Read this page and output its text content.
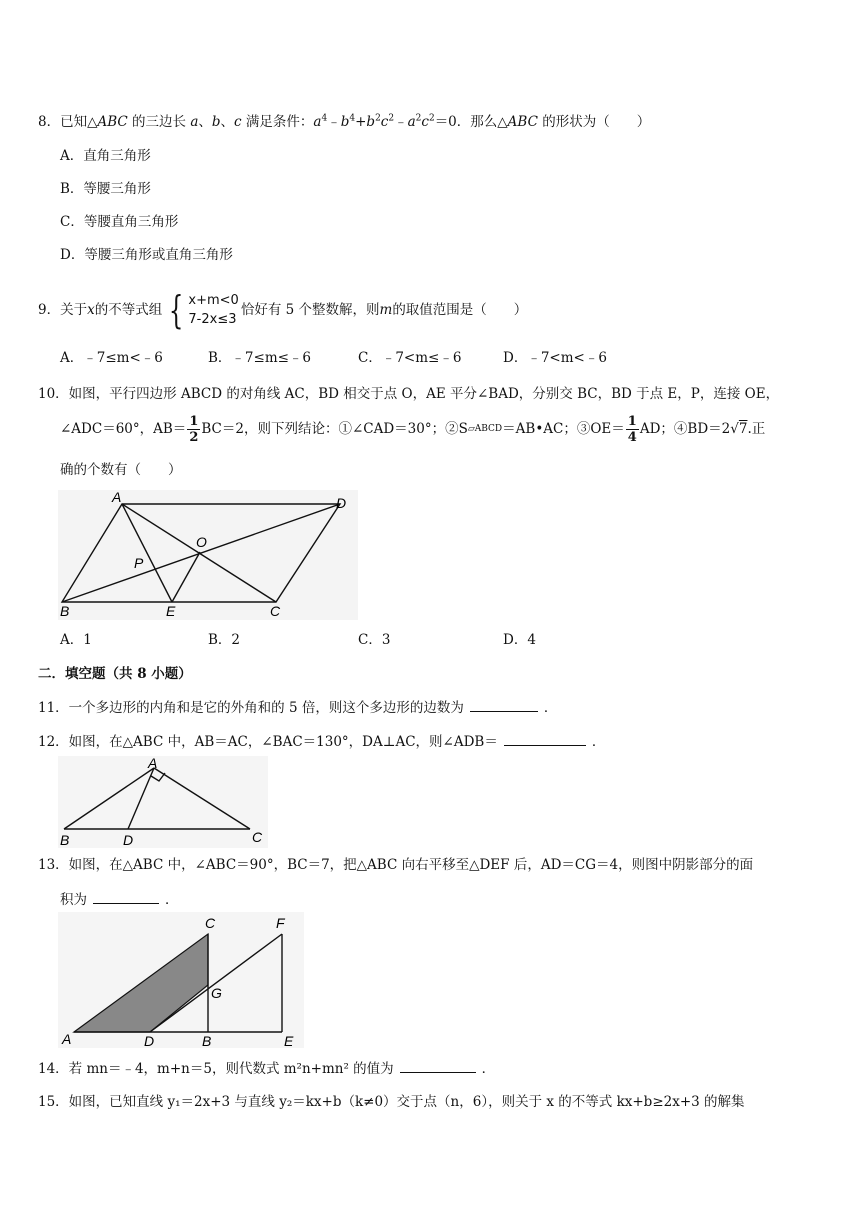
8．已知△ABC 的三边长 a、b、c 满足条件：$a^4﹣b^4+b^2c^2﹣a^2c^2=0$．那么△ABC 的形状为（　　）
A．直角三角形
B．等腰三角形
C．等腰直角三角形
D．等腰三角形或直角三角形
9．关于 x 的不等式组 { x+m<0
7-2x≤3
恰好有 5 个整数解，则 m 的取值范围是（　　）
A．﹣7≤m<﹣6	B．﹣7≤m≤﹣6	C．﹣7<m≤﹣6	D．﹣7<m<﹣6
10．如图，平行四边形 ABCD 的对角线 AC，BD 相交于点 O，AE 平分∠BAD，分别交 BC，BD 于点 E，P，连接 OE，
∠ADC＝60°，$AB= \frac{1}{2} BC=2$，则下列结论：①∠CAD＝30°；②S ▱ABCD ＝AB•AC；③OE＝ $\frac{1}{4}$ AD；④BD＝2 √ 7 .正
确的个数有（　　）
A	D
O
P
B	E	C
A．1	B．2	C．3	D．4
二．填空题（共 8 小题）
11．一个多边形的内角和是它的外角和的 5 倍，则这个多边形的边数为	．
12．如图，在△ABC 中，AB＝AC，∠BAC＝130°，DA⊥AC，则∠ADB＝	．
A
B	D	C
13．如图，在△ABC 中，∠ABC＝90°，BC＝7，把△ABC 向右平移至△DEF 后，AD＝CG＝4，则图中阴影部分的面
积为	．
A	D	B	E
C	F
G
14．若 mn＝﹣4，m+n＝5，则代数式 m²n+mn² 的值为	．
15．如图，已知直线 y₁＝2x+3 与直线 y₂＝kx+b（k≠0）交于点（n，6），则关于 x 的不等式 kx+b≥2x+3 的解集
